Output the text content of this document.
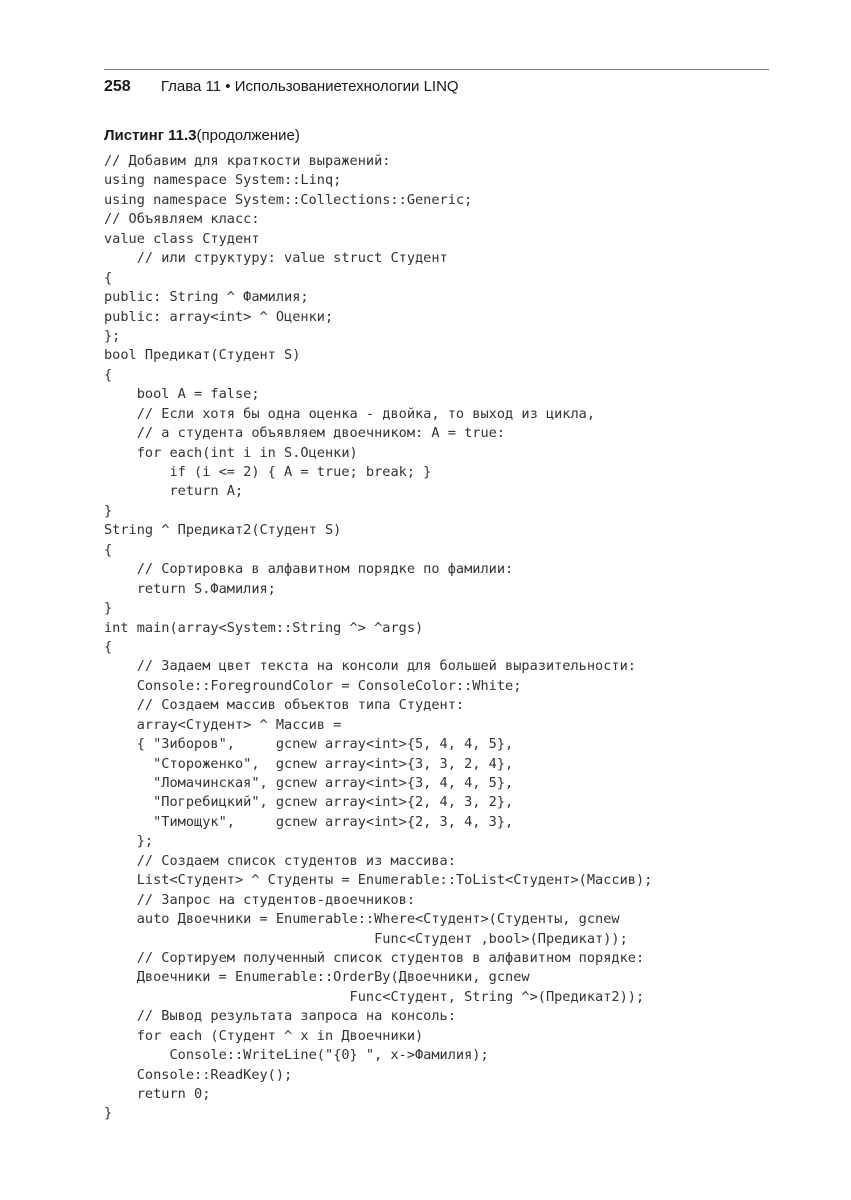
258 Глава 11 • Использованиетехнологии LINQ
Листинг 11.3(продолжение)
// Добавим для краткости выражений:
using namespace System::Linq;
using namespace System::Collections::Generic;
// Объявляем класс:
value class Студент
// или структуру: value struct Студент
{
public: String ^ Фамилия;
public: array<int> ^ Оценки;
};
bool Предикат(Студент S)
{
bool A = false;
// Если хотя бы одна оценка - двойка, то выход из цикла,
// а студента объявляем двоечником: A = true:
for each(int i in S.Оценки)
if (i <= 2) { A = true; break; }
return A;
}
String ^ Предикат2(Студент S)
{
// Сортировка в алфавитном порядке по фамилии:
return S.Фамилия;
}
int main(array<System::String ^> ^args)
{
// Задаем цвет текста на консоли для большей выразительности:
Console::ForegroundColor = ConsoleColor::White;
// Создаем массив объектов типа Студент:
array<Студент> ^ Массив =
{ "Зиборов",     gcnew array<int>{5, 4, 4, 5},
"Стороженко",  gcnew array<int>{3, 3, 2, 4},
"Ломачинская", gcnew array<int>{3, 4, 4, 5},
"Погребицкий", gcnew array<int>{2, 4, 3, 2},
"Тимощук",     gcnew array<int>{2, 3, 4, 3},
};
// Создаем список студентов из массива:
List<Студент> ^ Студенты = Enumerable::ToList<Студент>(Массив);
// Запрос на студентов-двоечников:
auto Двоечники = Enumerable::Where<Студент>(Студенты, gcnew
Func<Студент ,bool>(Предикат));
// Сортируем полученный список студентов в алфавитном порядке:
Двоечники = Enumerable::OrderBy(Двоечники, gcnew
Func<Студент, String ^>(Предикат2));
// Вывод результата запроса на консоль:
for each (Студент ^ x in Двоечники)
Console::WriteLine("{0} ", x->Фамилия);
Console::ReadKey();
return 0;
}
